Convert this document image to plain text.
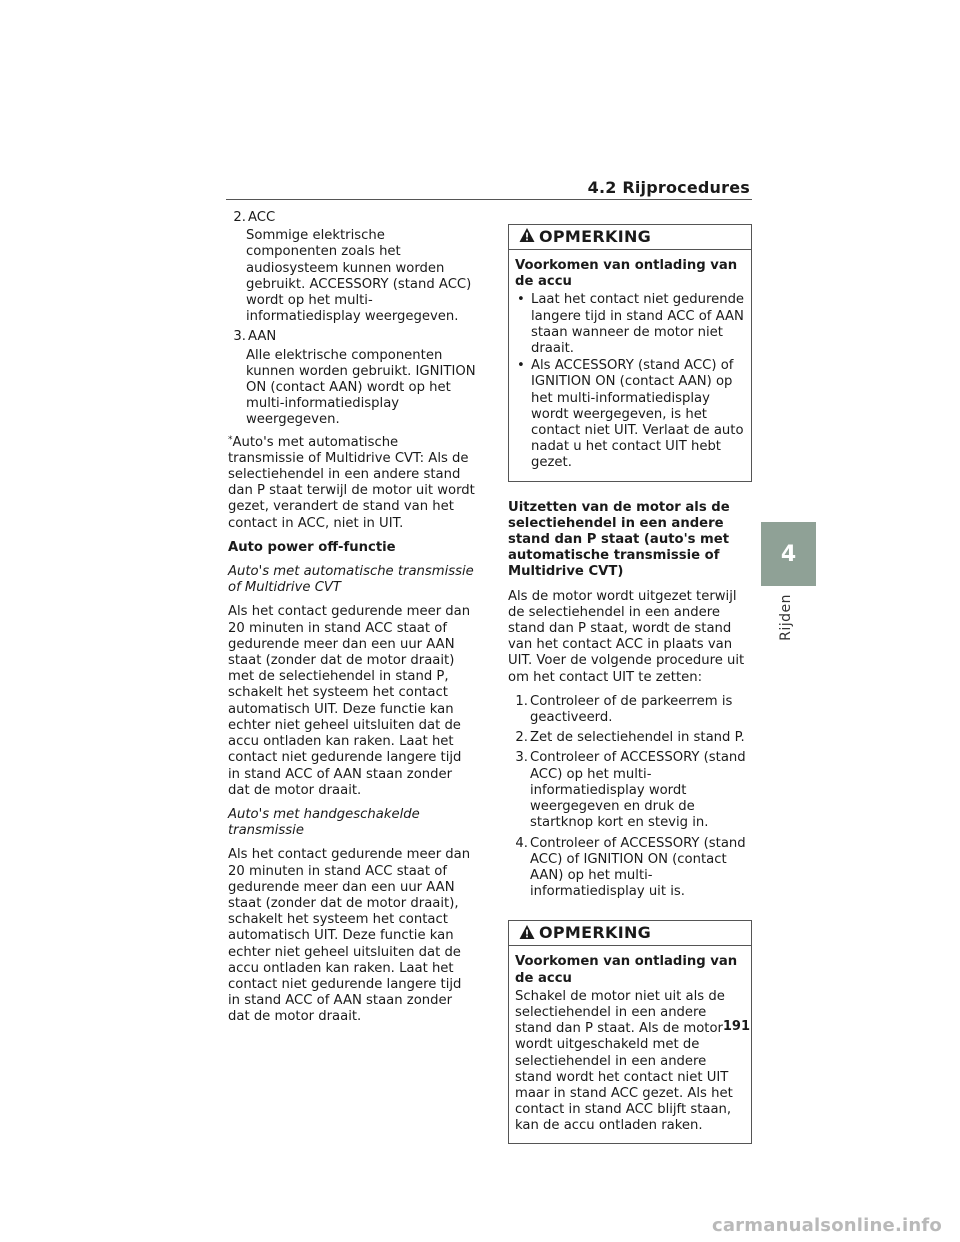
4.2 Rijprocedures
4
Rijden
2. ACC
Sommige elektrische componenten zoals het audiosysteem kunnen worden gebruikt. ACCESSORY (stand ACC) wordt op het multi-informatiedisplay weergegeven.
3. AAN
Alle elektrische componenten kunnen worden gebruikt. IGNITION ON (contact AAN) wordt op het multi-informatiedisplay weergegeven.

*Auto's met automatische transmissie of Multidrive CVT: Als de selectiehendel in een andere stand dan P staat terwijl de motor uit wordt gezet, verandert de stand van het contact in ACC, niet in UIT.

Auto power off-functie

Auto's met automatische transmissie of Multidrive CVT

Als het contact gedurende meer dan 20 minuten in stand ACC staat of gedurende meer dan een uur AAN staat (zonder dat de motor draait) met de selectiehendel in stand P, schakelt het systeem het contact automatisch UIT. Deze functie kan echter niet geheel uitsluiten dat de accu ontladen kan raken. Laat het contact niet gedurende langere tijd in stand ACC of AAN staan zonder dat de motor draait.

Auto's met handgeschakelde transmissie

Als het contact gedurende meer dan 20 minuten in stand ACC staat of gedurende meer dan een uur AAN staat (zonder dat de motor draait), schakelt het systeem het contact automatisch UIT. Deze functie kan echter niet geheel uitsluiten dat de accu ontladen kan raken. Laat het contact niet gedurende langere tijd in stand ACC of AAN staan zonder dat de motor draait.

OPMERKING
Voorkomen van ontlading van de accu
• Laat het contact niet gedurende langere tijd in stand ACC of AAN staan wanneer de motor niet draait.
• Als ACCESSORY (stand ACC) of IGNITION ON (contact AAN) op het multi-informatiedisplay wordt weergegeven, is het contact niet UIT. Verlaat de auto nadat u het contact UIT hebt gezet.

Uitzetten van de motor als de selectiehendel in een andere stand dan P staat (auto's met automatische transmissie of Multidrive CVT)

Als de motor wordt uitgezet terwijl de selectiehendel in een andere stand dan P staat, wordt de stand van het contact ACC in plaats van UIT. Voer de volgende procedure uit om het contact UIT te zetten:

1. Controleer of de parkeerrem is geactiveerd.
2. Zet de selectiehendel in stand P.
3. Controleer of ACCESSORY (stand ACC) op het multi-informatiedisplay wordt weergegeven en druk de startknop kort en stevig in.
4. Controleer of ACCESSORY (stand ACC) of IGNITION ON (contact AAN) op het multi-informatiedisplay uit is.
OPMERKING
Voorkomen van ontlading van de accu
Schakel de motor niet uit als de selectiehendel in een andere stand dan P staat. Als de motor wordt uitgeschakeld met de selectiehendel in een andere stand wordt het contact niet UIT maar in stand ACC gezet. Als het contact in stand ACC blijft staan, kan de accu ontladen raken.
191
carmanualsonline.info
